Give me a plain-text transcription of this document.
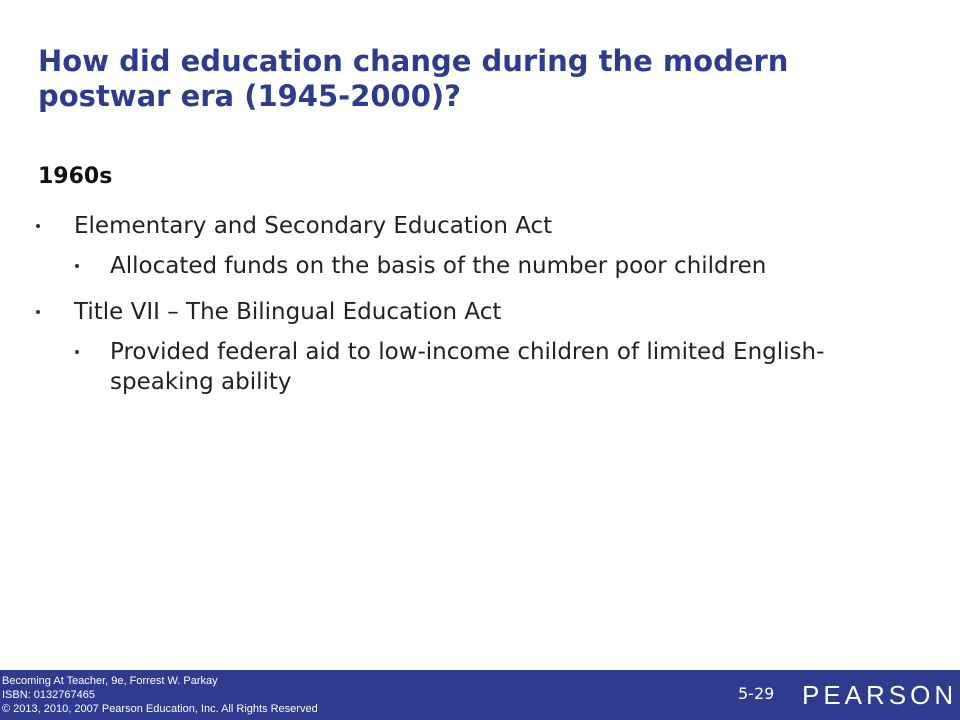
How did education change during the modern postwar era (1945-2000)?
1960s
Elementary and Secondary Education Act
Allocated funds on the basis of the number poor children
Title VII – The Bilingual Education Act
Provided federal aid to low-income children of limited English-speaking ability
Becoming At Teacher, 9e, Forrest W. Parkay
ISBN: 0132767465
© 2013, 2010, 2007 Pearson Education, Inc. All Rights Reserved
5-29 PEARSON
